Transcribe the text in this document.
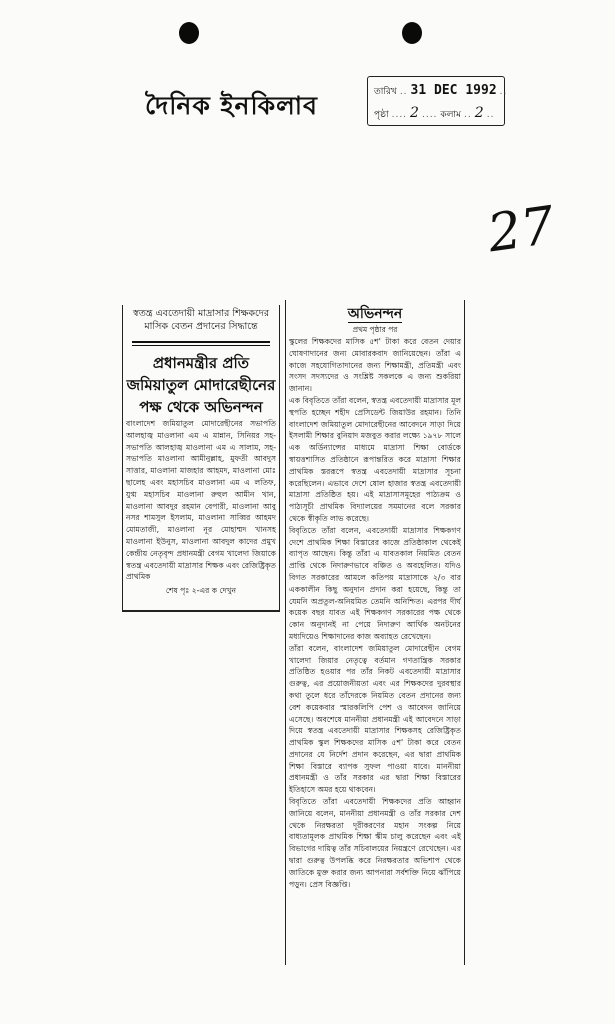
দৈনিক ইনকিলাব	তারিখ .. 31 DEC 1992 ..
পৃষ্ঠা .... 2 .... কলাম .. 2 ..
27
স্বতন্ত্র এবতেদায়ী মাদ্রাসার শিক্ষকদের মাসিক বেতন প্রদানের সিদ্ধান্তে
প্রধানমন্ত্রীর প্রতি জমিয়াতুল মোদারেছীনের পক্ষ থেকে অভিনন্দন

বাংলাদেশ জমিয়াতুল মোদারেছীনের সভাপতি আলহাজ্ব মাওলানা এম এ মান্নান, সিনিয়র সহ-সভাপতি আলহাজ্ব মাওলানা এম এ সালাম, সহ-সভাপতি মাওলানা আমীনুল্লাহ, মুফতী আবদুস সাত্তার, মাওলানা মাজহার আহমদ, মাওলানা মোঃ ছালেহ এবং মহাসচিব মাওলানা এম এ লতিফ, যুগ্ম মহাসচিব মাওলানা রুহুল আমীন খান, মাওলানা আবদুর রহমান বেপারী, মাওলানা আবু নসর শামসুল ইসলাম, মাওলানা সাব্বির আহমদ মোমতাজী, মাওলানা নূর মোহাম্মদ খানসহ মাওলানা ইউনুস, মাওলানা আবদুল কাদের প্রমুখ কেন্দ্রীয় নেতৃবৃন্দ প্রধানমন্ত্রী বেগম খালেদা জিয়াকে স্বতন্ত্র এবতেদায়ী মাদ্রাসার শিক্ষক এবং রেজিষ্ট্রিকৃত প্রাথমিক

শেষ পৃঃ ২-এর ক দেখুন
অভিনন্দন
প্রথম পৃষ্ঠার পর

স্কুলের শিক্ষকদের মাসিক ৫শ' টাকা করে বেতন দেয়ার ঘোষণাদানের জন্য মোবারকবাদ জানিয়েছেন। তাঁরা এ কাজে সহযোগিতাদানের জন্য শিক্ষামন্ত্রী, প্রতিমন্ত্রী এবং সংসদ সদস্যদের ও সংশ্লিষ্ট সকলকে এ জন্য শুকরিয়া জানান।

এক বিবৃতিতে তাঁরা বলেন, স্বতন্ত্র এবতেদায়ী মাদ্রাসার মূল স্থপতি হচ্ছেন শহীদ প্রেসিডেন্ট জিয়াউর রহমান। তিনি বাংলাদেশ জমিয়াতুল মোদারেছীনের আবেদনে সাড়া দিয়ে ইসলামী শিক্ষার বুনিয়াদ মজবুত করার লক্ষ্যে ১৯৭৮ সালে এক অর্ডিন্যান্সের মাধ্যমে মাদ্রাসা শিক্ষা বোর্ডকে স্বায়ত্তশাসিত প্রতিষ্ঠানে রূপান্তরিত করে মাদ্রাসা শিক্ষার প্রাথমিক স্তররূপে স্বতন্ত্র এবতেদায়ী মাদ্রাসার সূচনা করেছিলেন। এভাবে দেশে ষোল হাজার স্বতন্ত্র এবতেদায়ী মাদ্রাসা প্রতিষ্ঠিত হয়। এই মাদ্রাসাসমূহের পাঠ্যক্রম ও পাঠ্যসূচী প্রাথমিক বিদ্যালয়ের সমমানের বলে সরকার থেকে স্বীকৃতি লাভ করেছে।

বিবৃতিতে তাঁরা বলেন, এবতেদায়ী মাদ্রাসার শিক্ষকগণ দেশে প্রাথমিক শিক্ষা বিস্তারের কাজে প্রতিষ্ঠাকাল থেকেই ব্যাপৃত আছেন। কিন্তু তাঁরা এ যাবতকাল নিয়মিত বেতন প্রাপ্তি থেকে নিদারুণভাবে বঞ্চিত ও অবহেলিত। যদিও বিগত সরকারের আমলে কতিপয় মাদ্রাসাকে ২/৩ বার এককালীন কিছু অনুদান প্রদান করা হয়েছে, কিন্তু তা যেমনি অপ্রতুল-অনিয়মিত তেমনি অনিশ্চিত। এরপর দীর্ঘ কয়েক বছর যাবত এই শিক্ষকগণ সরকারের পক্ষ থেকে কোন অনুদানই না পেয়ে নিদারুণ আর্থিক অনটনের মধ্যদিয়েও শিক্ষাদানের কাজ অব্যাহত রেখেছেন।

তাঁরা বলেন, বাংলাদেশ জমিয়াতুল মোদারেছীন বেগম খালেদা জিয়ার নেতৃত্বে বর্তমান গণতান্ত্রিক সরকার প্রতিষ্ঠিত হওয়ার পর তাঁর নিকট এবতেদায়ী মাদ্রাসার গুরুত্ব, এর প্রয়োজনীয়তা এবং এর শিক্ষকদের দুরবস্থার কথা তুলে ধরে তাঁদেরকে নিয়মিত বেতন প্রদানের জন্য বেশ কয়েকবার স্মারকলিপি পেশ ও আবেদন জানিয়ে এসেছে। অবশেষে মাননীয়া প্রধানমন্ত্রী এই আবেদনে সাড়া দিয়ে স্বতন্ত্র এবতেদায়ী মাদ্রাসার শিক্ষকসহ রেজিষ্ট্রিকৃত প্রাথমিক স্কুল শিক্ষকদের মাসিক ৫শ' টাকা করে বেতন প্রদানের যে নির্দেশ প্রদান করেছেন, এর দ্বারা প্রাথমিক শিক্ষা বিস্তারে ব্যাপক সুফল পাওয়া যাবে। মাননীয়া প্রধানমন্ত্রী ও তাঁর সরকার এর দ্বারা শিক্ষা বিস্তারের ইতিহাসে অমর হয়ে থাকবেন।

বিবৃতিতে তাঁরা এবতেদায়ী শিক্ষকদের প্রতি আহ্বান জানিয়ে বলেন, মাননীয়া প্রধানমন্ত্রী ও তাঁর সরকার দেশ থেকে নিরক্ষরতা দূরীকরণের মহান সংকল্প নিয়ে বাধ্যতামূলক প্রাথমিক শিক্ষা স্কীম চালু করেছেন এবং এই বিভাগের দায়িত্ব তাঁর সচিবালয়ের নিয়ন্ত্রণে রেখেছেন। এর দ্বারা গুরুত্ব উপলব্ধি করে নিরক্ষরতার অভিশাপ থেকে জাতিকে মুক্ত করার জন্য আপনারা সর্বশক্তি নিয়ে ঝাঁপিয়ে পড়ুন। প্রেস বিজ্ঞপ্তি।
